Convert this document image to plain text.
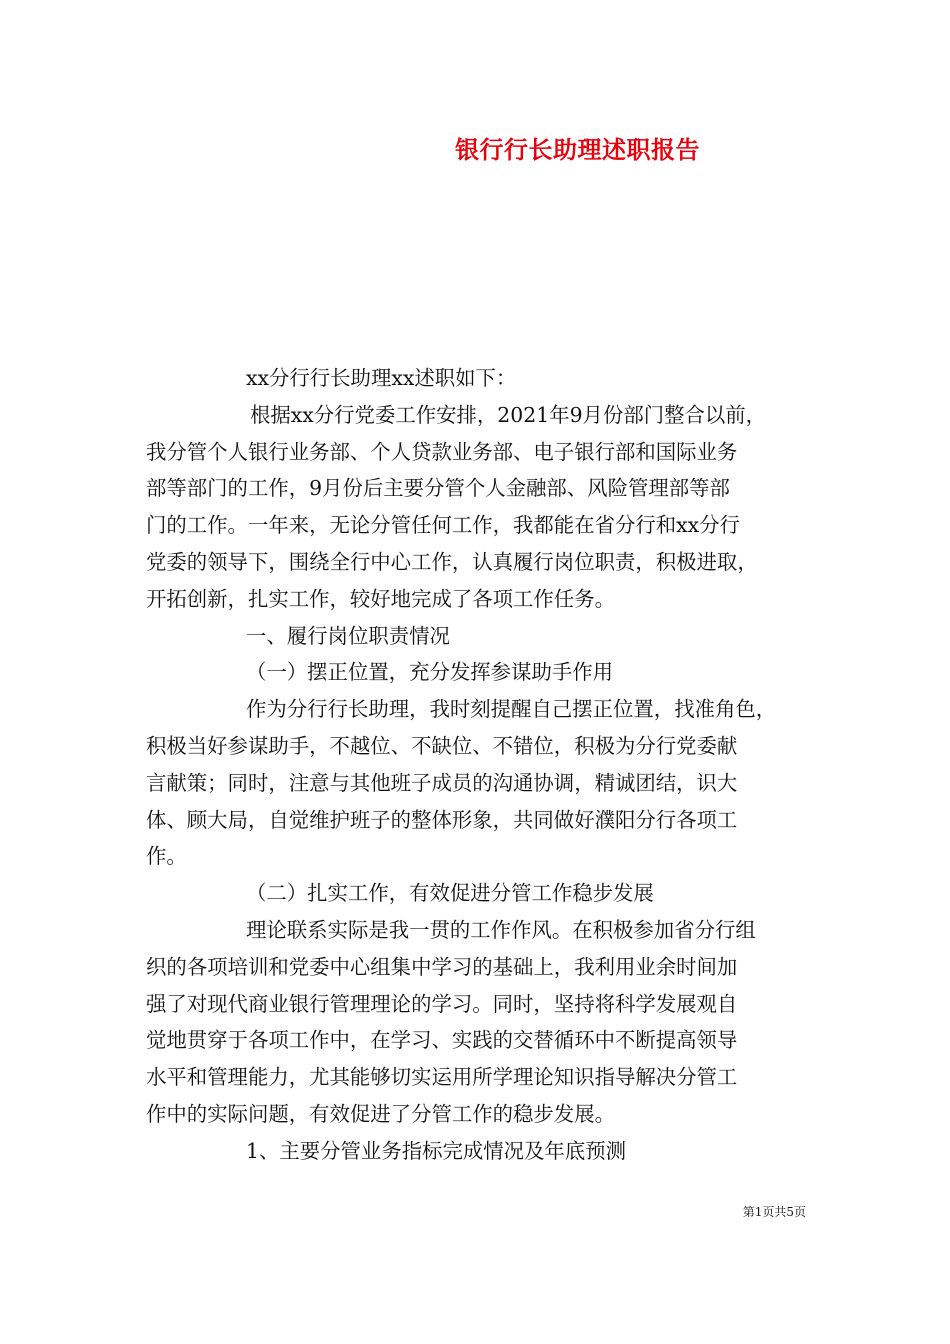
银行行长助理述职报告

xx分行行长助理xx述职如下：

根据xx分行党委工作安排，2021年9月份部门整合以前，

我分管个人银行业务部、个人贷款业务部、电子银行部和国际业务

部等部门的工作，9月份后主要分管个人金融部、风险管理部等部

门的工作。一年来，无论分管任何工作，我都能在省分行和xx分行

党委的领导下，围绕全行中心工作，认真履行岗位职责，积极进取，

开拓创新，扎实工作，较好地完成了各项工作任务。

一、履行岗位职责情况

（一）摆正位置，充分发挥参谋助手作用

作为分行行长助理，我时刻提醒自己摆正位置，找准角色，

积极当好参谋助手，不越位、不缺位、不错位，积极为分行党委献

言献策；同时，注意与其他班子成员的沟通协调，精诚团结，识大

体、顾大局，自觉维护班子的整体形象，共同做好濮阳分行各项工

作。

（二）扎实工作，有效促进分管工作稳步发展

理论联系实际是我一贯的工作作风。在积极参加省分行组

织的各项培训和党委中心组集中学习的基础上，我利用业余时间加

强了对现代商业银行管理理论的学习。同时，坚持将科学发展观自

觉地贯穿于各项工作中，在学习、实践的交替循环中不断提高领导

水平和管理能力，尤其能够切实运用所学理论知识指导解决分管工

作中的实际问题，有效促进了分管工作的稳步发展。

1、主要分管业务指标完成情况及年底预测

第1页共5页
